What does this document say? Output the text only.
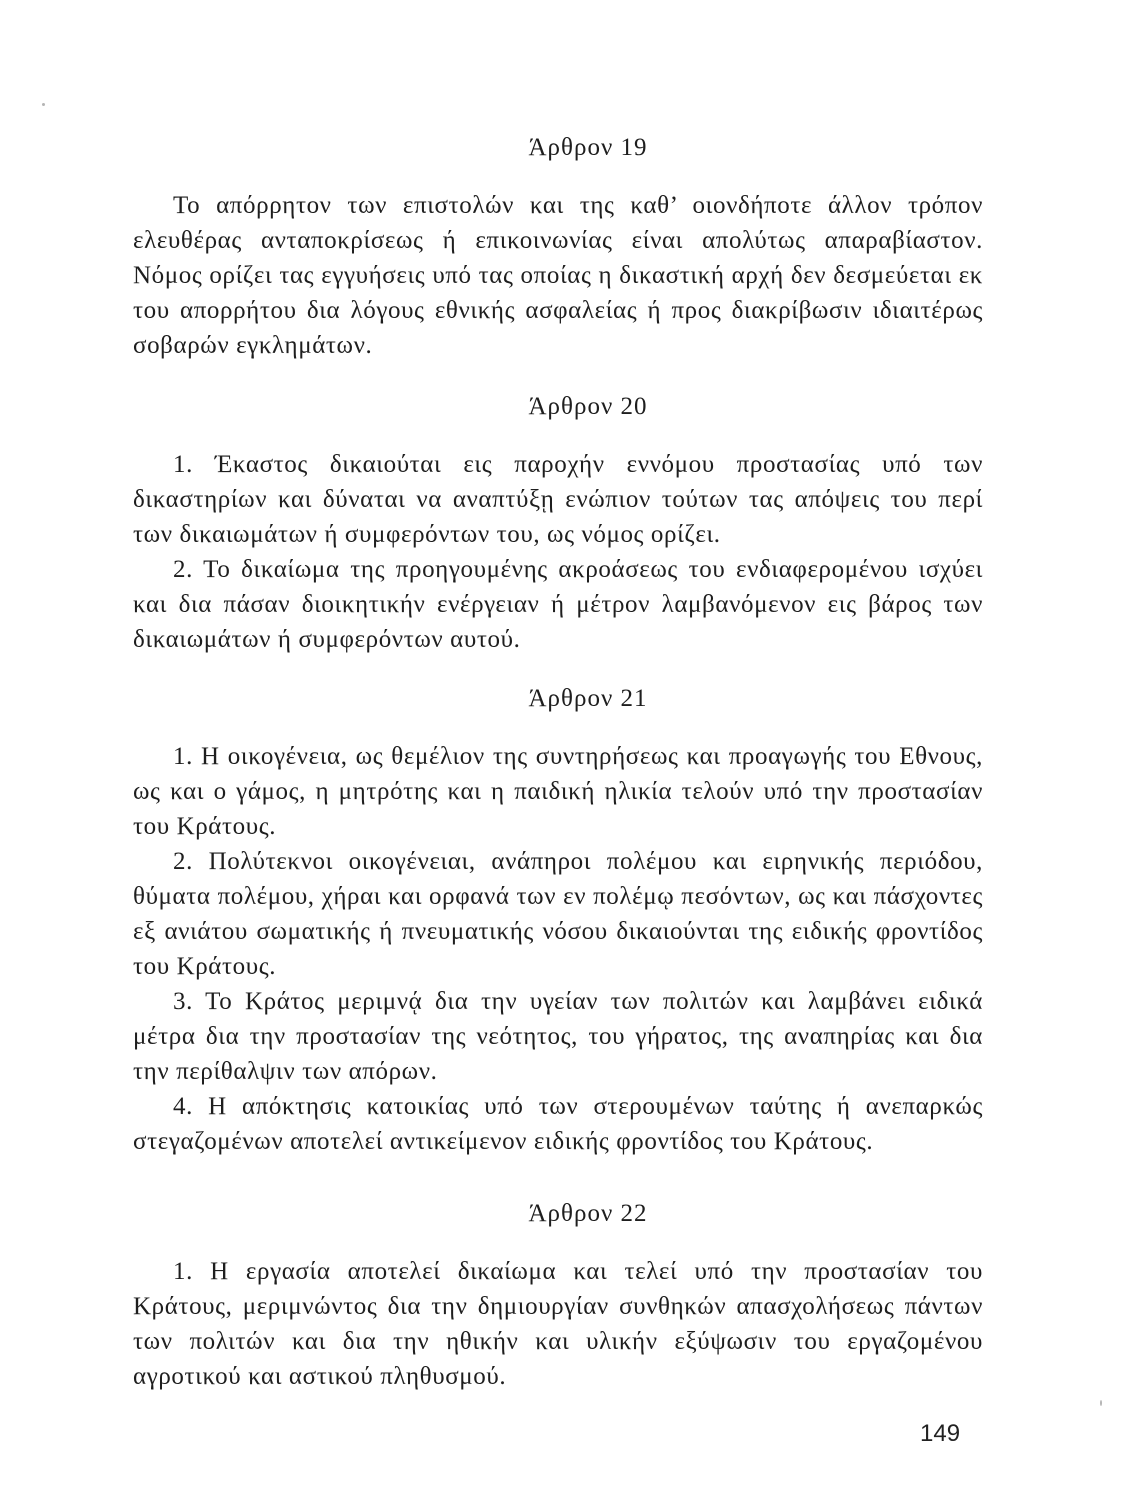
Άρθρον 19

Το απόρρητον των επιστολών και της καθ’ οιονδήποτε άλλον τρόπον ελευθέρας ανταποκρίσεως ή επικοινωνίας είναι απολύτως απαραβίαστον. Νόμος ορίζει τας εγγυήσεις υπό τας οποίας η δικαστική αρχή δεν δεσμεύεται εκ του απορρήτου δια λόγους εθνικής ασφαλείας ή προς διακρίβωσιν ιδιαιτέρως σοβαρών εγκλημάτων.

Άρθρον 20

1. Έκαστος δικαιούται εις παροχήν εννόμου προστασίας υπό των δικαστηρίων και δύναται να αναπτύξῃ ενώπιον τούτων τας απόψεις του περί των δικαιωμάτων ή συμφερόντων του, ως νόμος ορίζει.

2. Το δικαίωμα της προηγουμένης ακροάσεως του ενδιαφερομένου ισχύει και δια πάσαν διοικητικήν ενέργειαν ή μέτρον λαμβανόμενον εις βάρος των δικαιωμάτων ή συμφερόντων αυτού.

Άρθρον 21

1. Η οικογένεια, ως θεμέλιον της συντηρήσεως και προαγωγής του Εθνους, ως και ο γάμος, η μητρότης και η παιδική ηλικία τελούν υπό την προστασίαν του Κράτους.

2. Πολύτεκνοι οικογένειαι, ανάπηροι πολέμου και ειρηνικής περιόδου, θύματα πολέμου, χήραι και ορφανά των εν πολέμῳ πεσόντων, ως και πάσχοντες εξ ανιάτου σωματικής ή πνευματικής νόσου δικαιούνται της ειδικής φροντίδος του Κράτους.

3. Το Κράτος μεριμνᾴ δια την υγείαν των πολιτών και λαμβάνει ειδικά μέτρα δια την προστασίαν της νεότητος, του γήρατος, της αναπηρίας και δια την περίθαλψιν των απόρων.

4. Η απόκτησις κατοικίας υπό των στερουμένων ταύτης ή ανεπαρκώς στεγαζομένων αποτελεί αντικείμενον ειδικής φροντίδος του Κράτους.

Άρθρον 22

1. Η εργασία αποτελεί δικαίωμα και τελεί υπό την προστασίαν του Κράτους, μεριμνώντος δια την δημιουργίαν συνθηκών απασχολήσεως πάντων των πολιτών και δια την ηθικήν και υλικήν εξύψωσιν του εργαζομένου αγροτικού και αστικού πληθυσμού.

149
